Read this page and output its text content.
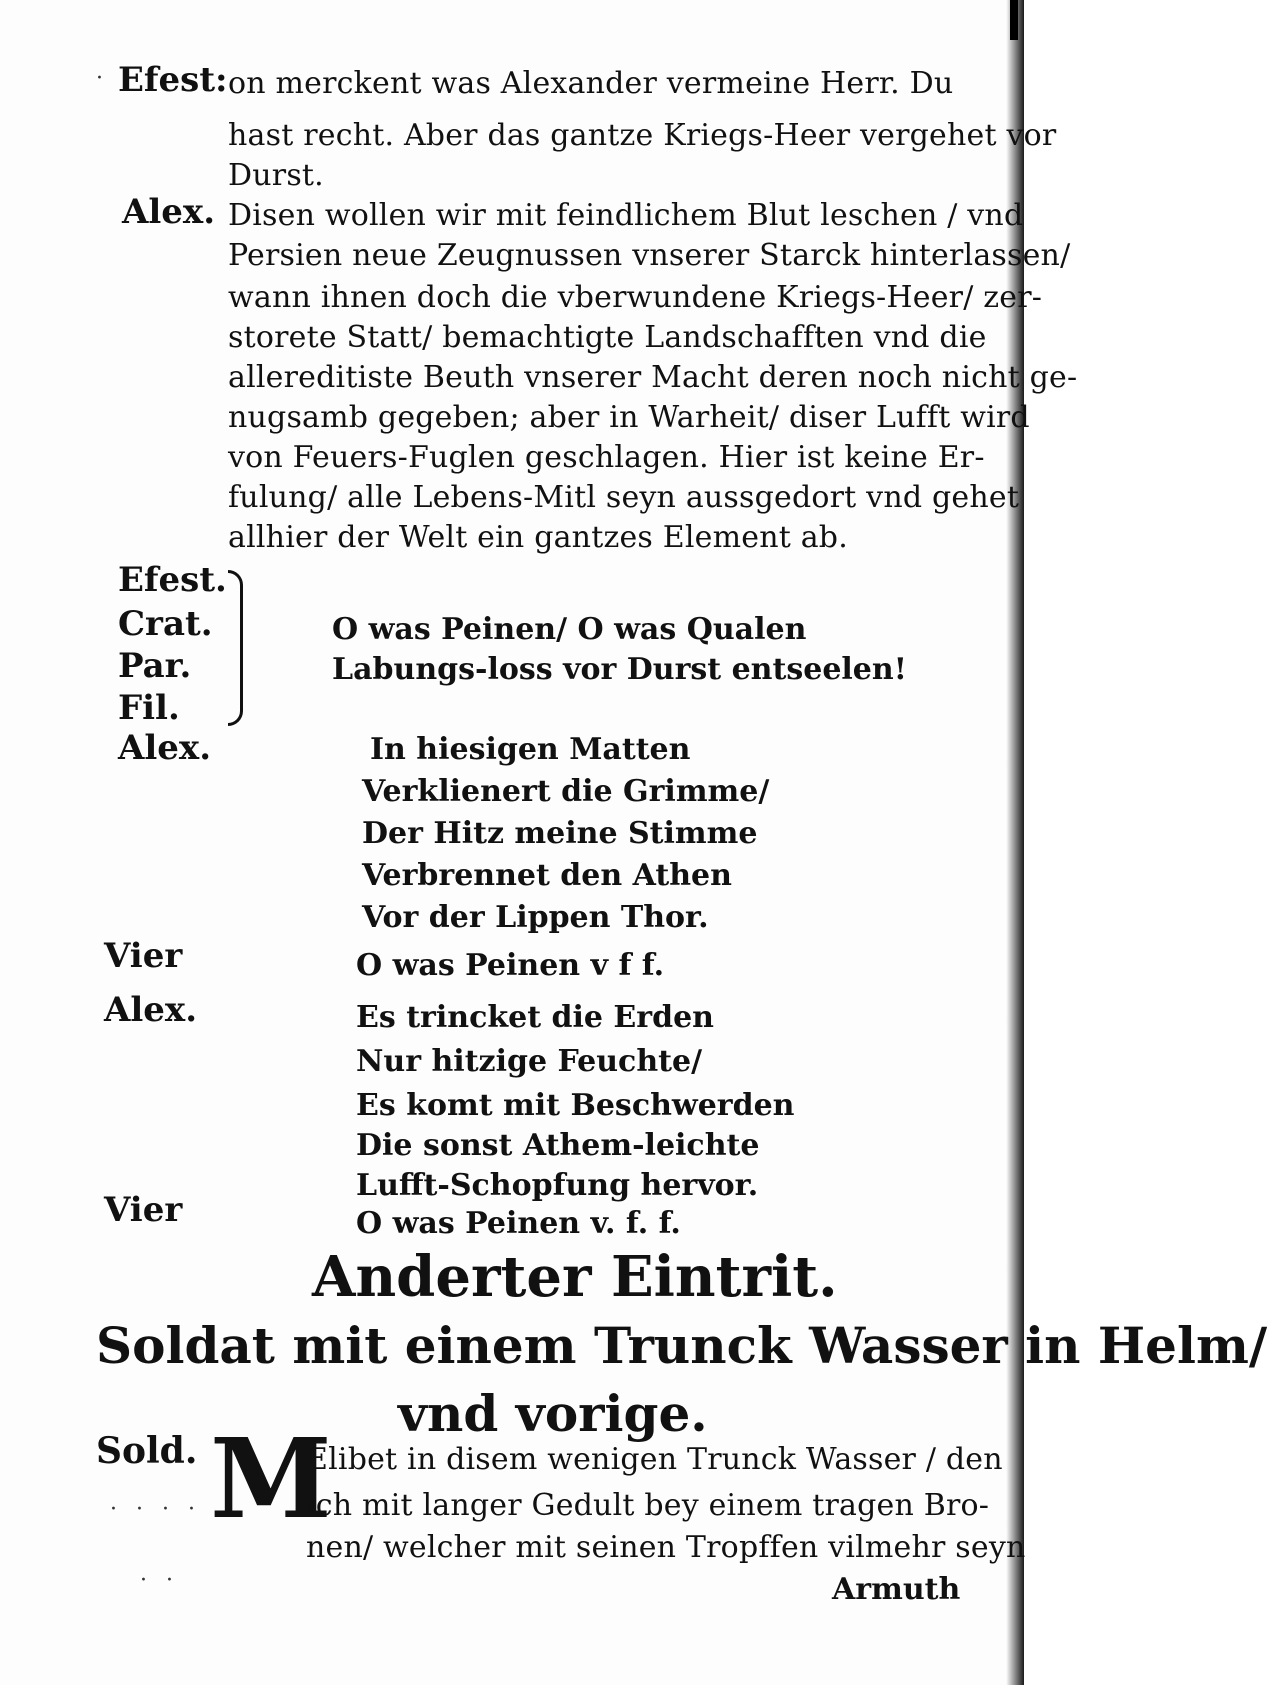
Efest: on merckent was Alexander vermeine Herr. Du
hast recht. Aber das gantze Kriegs-Heer vergehet vor
Durst.
Alex. Disen wollen wir mit feindlichem Blut leschen / vnd
Persien neue Zeugnussen vnserer Starck hinterlassen/
wann ihnen doch die vberwundene Kriegs-Heer/ zer-
storete Statt/ bemachtigte Landschafften vnd die
allereditiste Beuth vnserer Macht deren noch nicht ge-
nugsamb gegeben; aber in Warheit/ diser Lufft wird
von Feuers-Fuglen geschlagen. Hier ist keine Er-
fulung/ alle Lebens-Mitl seyn aussgedort vnd gehet
allhier der Welt ein gantzes Element ab.
Efest.
Crat.
Par.
Fil.
O was Peinen/ O was Qualen
Labungs-loss vor Durst entseelen!
Alex.	In hiesigen Matten
Verklienert die Grimme/
Der Hitz meine Stimme
Verbrennet den Athen
Vor der Lippen Thor.
Vier	O was Peinen v f f.
Alex.	Es trincket die Erden
Nur hitzige Feuchte/
Es komt mit Beschwerden
Die sonst Athem-leichte
Lufft-Schopfung hervor.
Vier	O was Peinen v. f. f.
Anderter Eintrit.
Soldat mit einem Trunck Wasser in Helm/
vnd vorige.
Sold. M
Elibet in disem wenigen Trunck Wasser / den
ich mit langer Gedult bey einem tragen Bro-
nen/ welcher mit seinen Tropffen vilmehr seyn
Armuth
·
· · · ·
· ·
